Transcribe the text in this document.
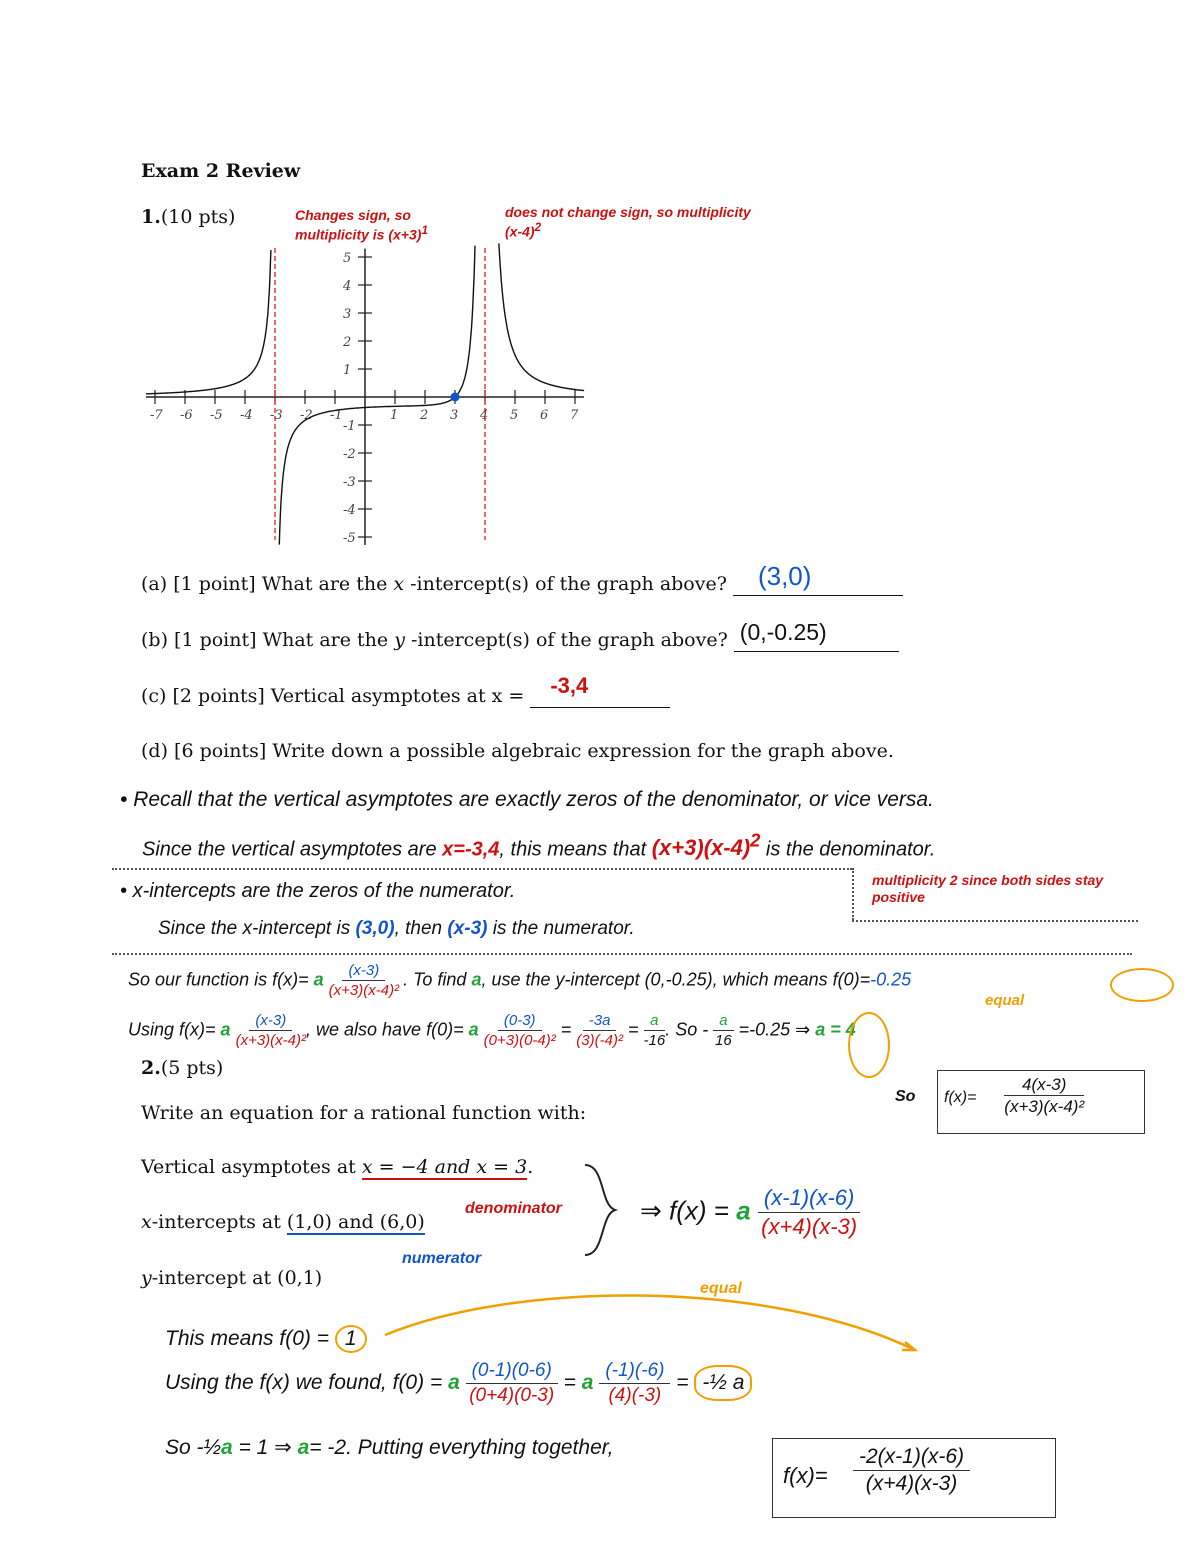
Exam 2 Review
1.(10 pts)	Changes sign, so multiplicity is $(x+3)^1$
does not change sign, so multiplicity $(x-4)^2$
-7 -6 -5 -4 -3 -2 -1	1 2 3 4 5 6 7
5
4
3
2
1
-1
-2
-3
-4
-5
(a) [1 point] What are the x -intercept(s) of the graph above? (3,0)

(b) [1 point] What are the y -intercept(s) of the graph above? (0,-0.25)

(c) [2 points] Vertical asymptotes at x = -3,4

(d) [6 points] Write down a possible algebraic expression for the graph above.
• Recall that the vertical asymptotes are exactly zeros of the denominator, or vice versa.
Since the vertical asymptotes are x=-3,4, this means that $(x+3)(x-4)^2$ is the denominator.
multiplicity 2 since both sides stay positive
• x-intercepts are the zeros of the numerator.
Since the x-intercept is (3,0), then (x-3) is the numerator.
So our function is f(x)= a $\frac{(x-3)}{\text{(x+3)(x-4)²}}$ . To find a, use the y-intercept (0,-0.25), which means f(0)=-0.25
equal
Using f(x)= a $\frac{(x-3)}{\text{(x+3)(x-4)²}}$ , we also have f(0)= a $\frac{(0-3)}{\text{(0+3)(0-4)²}} = \frac{-3a}{\text{(3)(-4)²}} = \frac{a}{-16}$ . $So - \frac{a}{16} =-0.25$ ⇒ a = 4
So $f(x)= \frac{4(x-3)}{\text{(x+3)(x-4)²}}$
2.(5 pts)
Write an equation for a rational function with:
Vertical asymptotes at x = −4 and x = 3.
denominator
x-intercepts at (1,0) and (6,0)
numerator
y-intercept at (0,1)
⇒ f(x) = a $\frac{(x-1)(x-6)}{(x+4)(x-3)}$
equal
This means f(0) = 1
Using the f(x) we found, f(0) = a $\frac{(0-1)(0-6)}{(0+4)(0-3)} = a \frac{(-1)(-6)}{(4)(-3)}$ = -½ a
So -½a = 1 ⇒ a= -2. Putting everything together,
$f(x)= \frac{-2(x-1)(x-6)}{(x+4)(x-3)}$
